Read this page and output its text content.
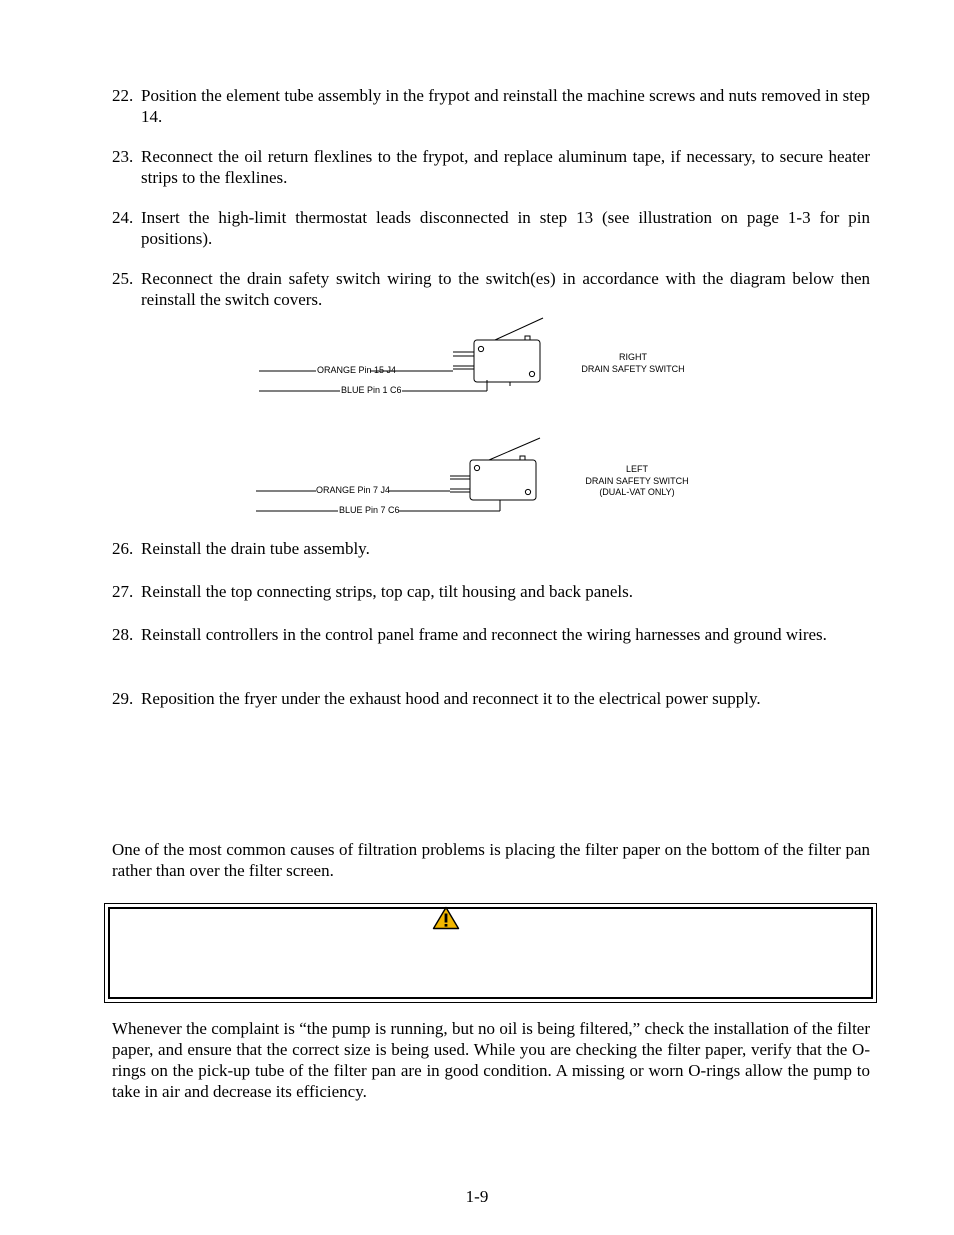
22. Position the element tube assembly in the frypot and reinstall the machine screws and nuts removed in step 14.
23. Reconnect the oil return flexlines to the frypot, and replace aluminum tape, if necessary, to secure heater strips to the flexlines.
24. Insert the high-limit thermostat leads disconnected in step 13 (see illustration on page 1-3 for pin positions).
25. Reconnect the drain safety switch wiring to the switch(es) in accordance with the diagram below then reinstall the switch covers.
ORANGE Pin 15 J4
BLUE Pin 1 C6
RIGHT
DRAIN SAFETY SWITCH
ORANGE Pin 7 J4
BLUE Pin 7 C6
LEFT
DRAIN SAFETY SWITCH
(DUAL-VAT ONLY)
26. Reinstall the drain tube assembly.
27. Reinstall the top connecting strips, top cap, tilt housing and back panels.
28. Reinstall controllers in the control panel frame and reconnect the wiring harnesses and ground wires.
29. Reposition the fryer under the exhaust hood and reconnect it to the electrical power supply.
One of the most common causes of filtration problems is placing the filter paper on the bottom of the filter pan rather than over the filter screen.
Whenever the complaint is “the pump is running, but no oil is being filtered,” check the installation of the filter paper, and ensure that the correct size is being used. While you are checking the filter paper, verify that the O-rings on the pick-up tube of the filter pan are in good condition. A missing or worn O-rings allow the pump to take in air and decrease its efficiency.
1-9
